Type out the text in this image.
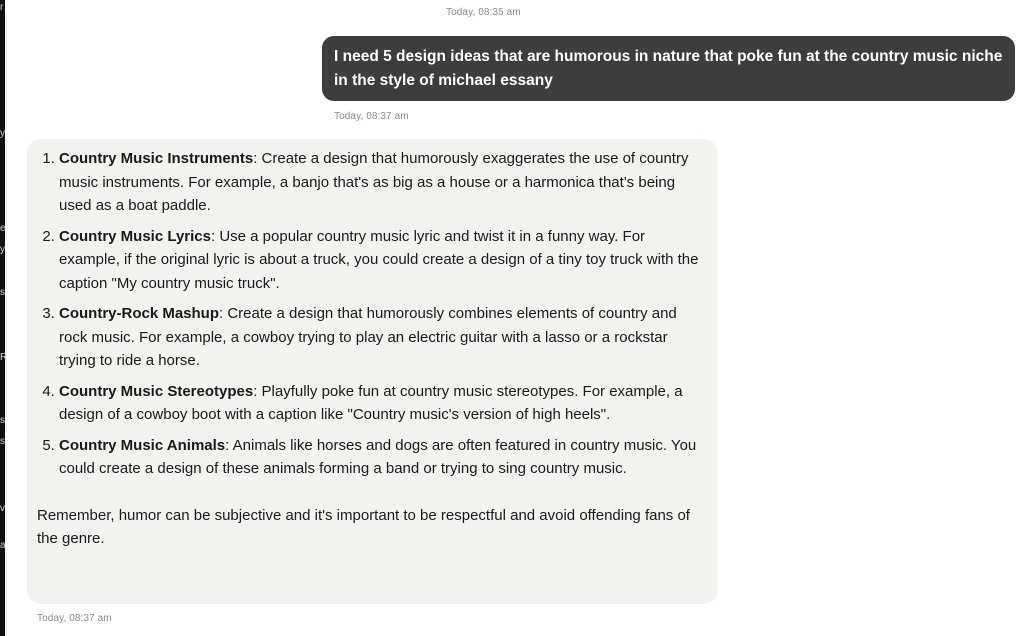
r
y
e
y
s
R
s
s
v
a
Today, 08:35 am
I need 5 design ideas that are humorous in nature that poke fun at the country music niche in the style of michael essany
Today, 08:37 am
1. Country Music Instruments: Create a design that humorously exaggerates the use of country music instruments. For example, a banjo that's as big as a house or a harmonica that's being used as a boat paddle.
2. Country Music Lyrics: Use a popular country music lyric and twist it in a funny way. For example, if the original lyric is about a truck, you could create a design of a tiny toy truck with the caption "My country music truck".
3. Country-Rock Mashup: Create a design that humorously combines elements of country and rock music. For example, a cowboy trying to play an electric guitar with a lasso or a rockstar trying to ride a horse.
4. Country Music Stereotypes: Playfully poke fun at country music stereotypes. For example, a design of a cowboy boot with a caption like "Country music's version of high heels".
5. Country Music Animals: Animals like horses and dogs are often featured in country music. You could create a design of these animals forming a band or trying to sing country music.
Remember, humor can be subjective and it's important to be respectful and avoid offending fans of the genre.
Today, 08:37 am
